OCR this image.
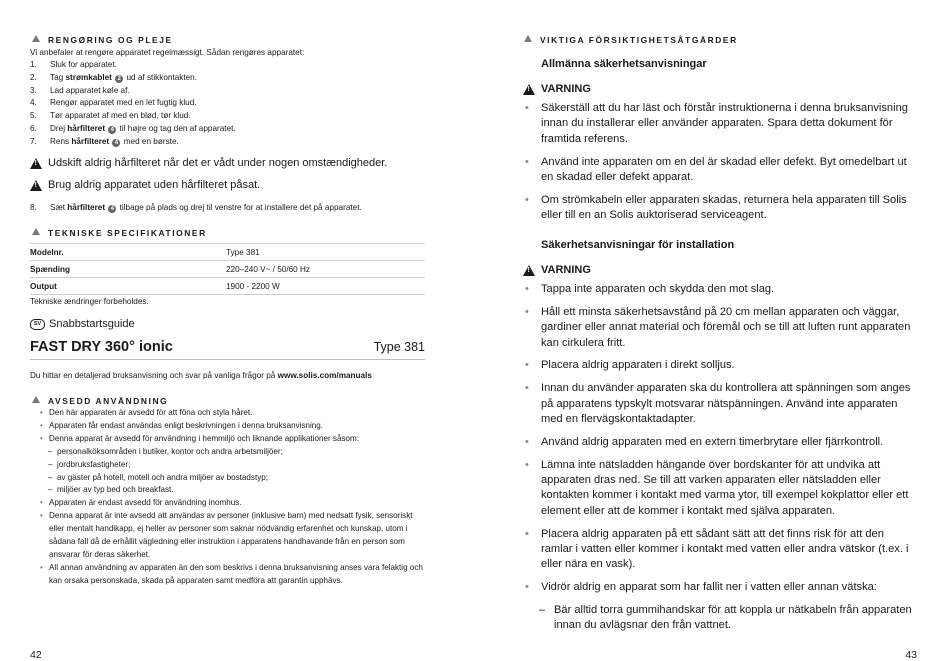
RENGØRING OG PLEJE
Vi anbefaler at rengøre apparatet regelmæssigt. Sådan rengøres apparatet:
1. Sluk for apparatet.
2. Tag strømkablet 2 ud af stikkontakten.
3. Lad apparatet køle af.
4. Rengør apparatet med en let fugtig klud.
5. Tør apparatet af med en blød, tør klud.
6. Drej hårfilteret 4 til højre og tag den af apparatet.
7. Rens hårfilteret 4 med en børste.
!
Udskift aldrig hårfilteret når det er vådt under nogen omstændigheder.
!
Brug aldrig apparatet uden hårfilteret påsat.
8. Sæt hårfilteret 4 tilbage på plads og drej til venstre for at installere det på apparatet.
TEKNISKE SPECIFIKATIONER
Modelnr.	Type 381
Spænding	220–240 V~ / 50/60 Hz
Output	1900 - 2200 W
Tekniske ændringer forbeholdes.
SV Snabbstartsguide
FAST DRY 360° ionic	Type 381
Du hittar en detaljerad bruksanvisning och svar på vanliga frågor på www.solis.com/manuals
AVSEDD ANVÄNDNING
• Den här apparaten är avsedd för att föna och styla håret.
• Apparaten får endast användas enligt beskrivningen i denna bruksanvisning.
• Denna apparat är avsedd för användning i hemmiljö och liknande applikationer såsom:
– personalköksområden i butiker, kontor och andra arbetsmiljöer;
– jordbruksfastigheter;
– av gäster på hotell, motell och andra miljöer av bostadstyp;
– miljöer av typ bed och breakfast.
• Apparaten är endast avsedd för användning inomhus.
• Denna apparat är inte avsedd att användas av personer (inklusive barn) med nedsatt fysik, sensoriskt eller mentalt handikapp, ej heller av personer som saknar nödvändig erfarenhet och kunskap, utom i sådana fall då de erhållit vägledning eller instruktion i apparatens handhavande från en person som ansvarar för deras säkerhet.
• All annan användning av apparaten än den som beskrivs i denna bruksanvisning anses vara felaktig och kan orsaka personskada, skada på apparaten samt medföra att garantin upphävs.
42
VIKTIGA FÖRSIKTIGHETSÅTGÄRDER
Allmänna säkerhetsanvisningar
!
VARNING
• Säkerställ att du har läst och förstår instruktionerna i denna bruksanvisning innan du installerar eller använder apparaten. Spara detta dokument för framtida referens.
• Använd inte apparaten om en del är skadad eller defekt. Byt omedelbart ut en skadad eller defekt apparat.
• Om strömkabeln eller apparaten skadas, returnera hela apparaten till Solis eller till en an Solis auktoriserad serviceagent.
Säkerhetsanvisningar för installation
!
VARNING
• Tappa inte apparaten och skydda den mot slag.
• Håll ett minsta säkerhetsavstånd på 20 cm mellan apparaten och väggar, gardiner eller annat material och föremål och se till att luften runt apparaten kan cirkulera fritt.
• Placera aldrig apparaten i direkt solljus.
• Innan du använder apparaten ska du kontrollera att spänningen som anges på apparatens typskylt motsvarar nätspänningen. Använd inte apparaten med en flervägskontaktadapter.
• Använd aldrig apparaten med en extern timerbrytare eller fjärrkontroll.
• Lämna inte nätsladden hängande över bordskanter för att undvika att apparaten dras ned. Se till att varken apparaten eller nätsladden eller kontakten kommer i kontakt med varma ytor, till exempel kokplattor eller ett element eller att de kommer i kontakt med själva apparaten.
• Placera aldrig apparaten på ett sådant sätt att det finns risk för att den ramlar i vatten eller kommer i kontakt med vatten eller andra vätskor (t.ex. i eller nära en vask).
• Vidrör aldrig en apparat som har fallit ner i vatten eller annan vätska:
– Bär alltid torra gummihandskar för att koppla ur nätkabeln från apparaten innan du avlägsnar den från vattnet.
43
